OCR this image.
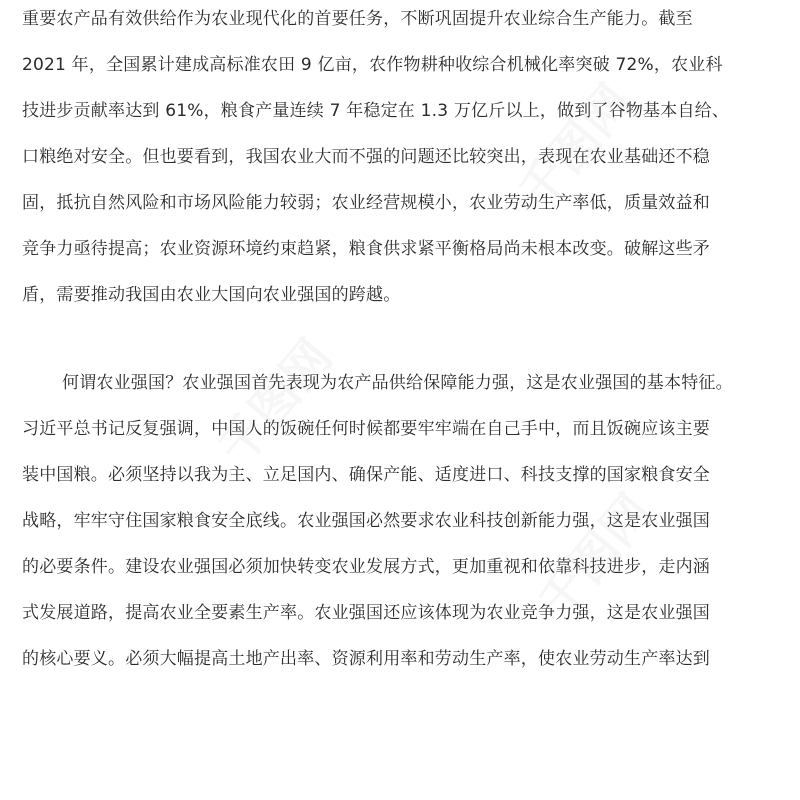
重要农产品有效供给作为农业现代化的首要任务，不断巩固提升农业综合生产能力。截至

2021 年，全国累计建成高标准农田 9 亿亩，农作物耕种收综合机械化率突破 72%，农业科

技进步贡献率达到 61%，粮食产量连续 7 年稳定在 1.3 万亿斤以上，做到了谷物基本自给、

口粮绝对安全。但也要看到，我国农业大而不强的问题还比较突出，表现在农业基础还不稳

固，抵抗自然风险和市场风险能力较弱；农业经营规模小，农业劳动生产率低，质量效益和

竞争力亟待提高；农业资源环境约束趋紧，粮食供求紧平衡格局尚未根本改变。破解这些矛

盾，需要推动我国由农业大国向农业强国的跨越。

何谓农业强国？农业强国首先表现为农产品供给保障能力强，这是农业强国的基本特征。

习近平总书记反复强调，中国人的饭碗任何时候都要牢牢端在自己手中，而且饭碗应该主要

装中国粮。必须坚持以我为主、立足国内、确保产能、适度进口、科技支撑的国家粮食安全

战略，牢牢守住国家粮食安全底线。农业强国必然要求农业科技创新能力强，这是农业强国

的必要条件。建设农业强国必须加快转变农业发展方式，更加重视和依靠科技进步，走内涵

式发展道路，提高农业全要素生产率。农业强国还应该体现为农业竞争力强，这是农业强国

的核心要义。必须大幅提高土地产出率、资源利用率和劳动生产率，使农业劳动生产率达到

千图网
千图网
千图网
